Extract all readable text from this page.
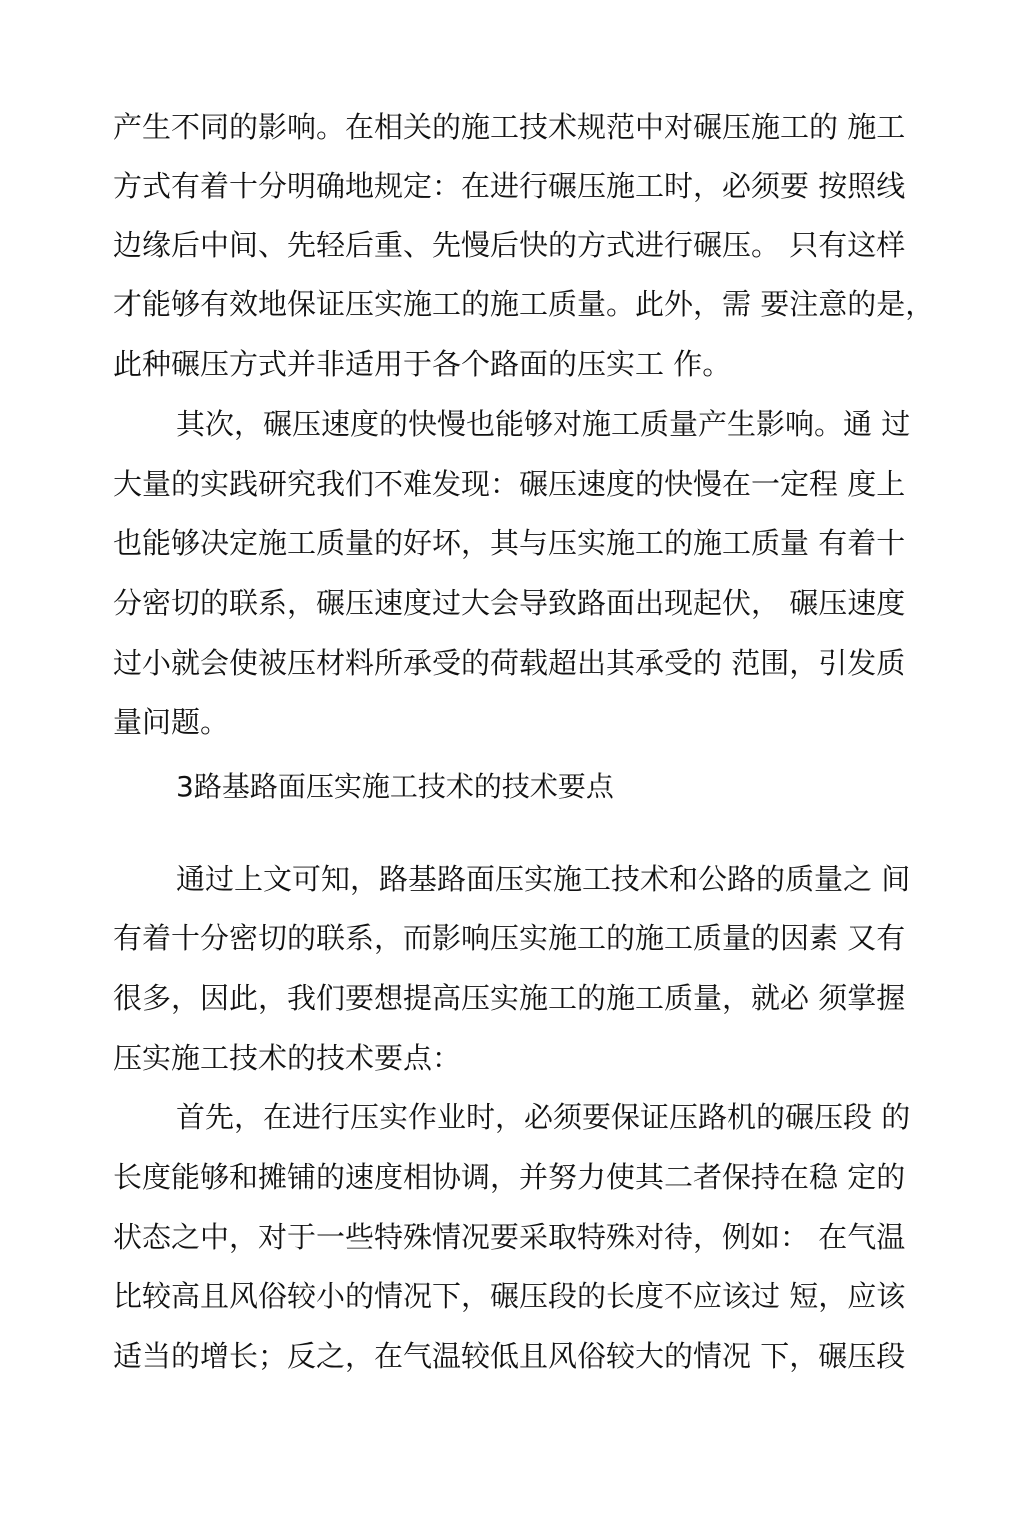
产生不同的影响。在相关的施工技术规范中对碾压施工的 施工
方式有着十分明确地规定：在进行碾压施工时，必须要 按照线
边缘后中间、先轻后重、先慢后快的方式进行碾压。 只有这样
才能够有效地保证压实施工的施工质量。此外，需 要注意的是，
此种碾压方式并非适用于各个路面的压实工 作。
其次，碾压速度的快慢也能够对施工质量产生影响。通 过
大量的实践研究我们不难发现：碾压速度的快慢在一定程 度上
也能够决定施工质量的好坏，其与压实施工的施工质量 有着十
分密切的联系，碾压速度过大会导致路面出现起伏， 碾压速度
过小就会使被压材料所承受的荷载超出其承受的 范围，引发质
量问题。
3路基路面压实施工技术的技术要点
通过上文可知，路基路面压实施工技术和公路的质量之 间
有着十分密切的联系，而影响压实施工的施工质量的因素 又有
很多，因此，我们要想提高压实施工的施工质量，就必 须掌握
压实施工技术的技术要点：
首先，在进行压实作业时，必须要保证压路机的碾压段 的
长度能够和摊铺的速度相协调，并努力使其二者保持在稳 定的
状态之中，对于一些特殊情况要采取特殊对待，例如： 在气温
比较高且风俗较小的情况下，碾压段的长度不应该过 短，应该
适当的增长；反之，在气温较低且风俗较大的情况 下，碾压段
